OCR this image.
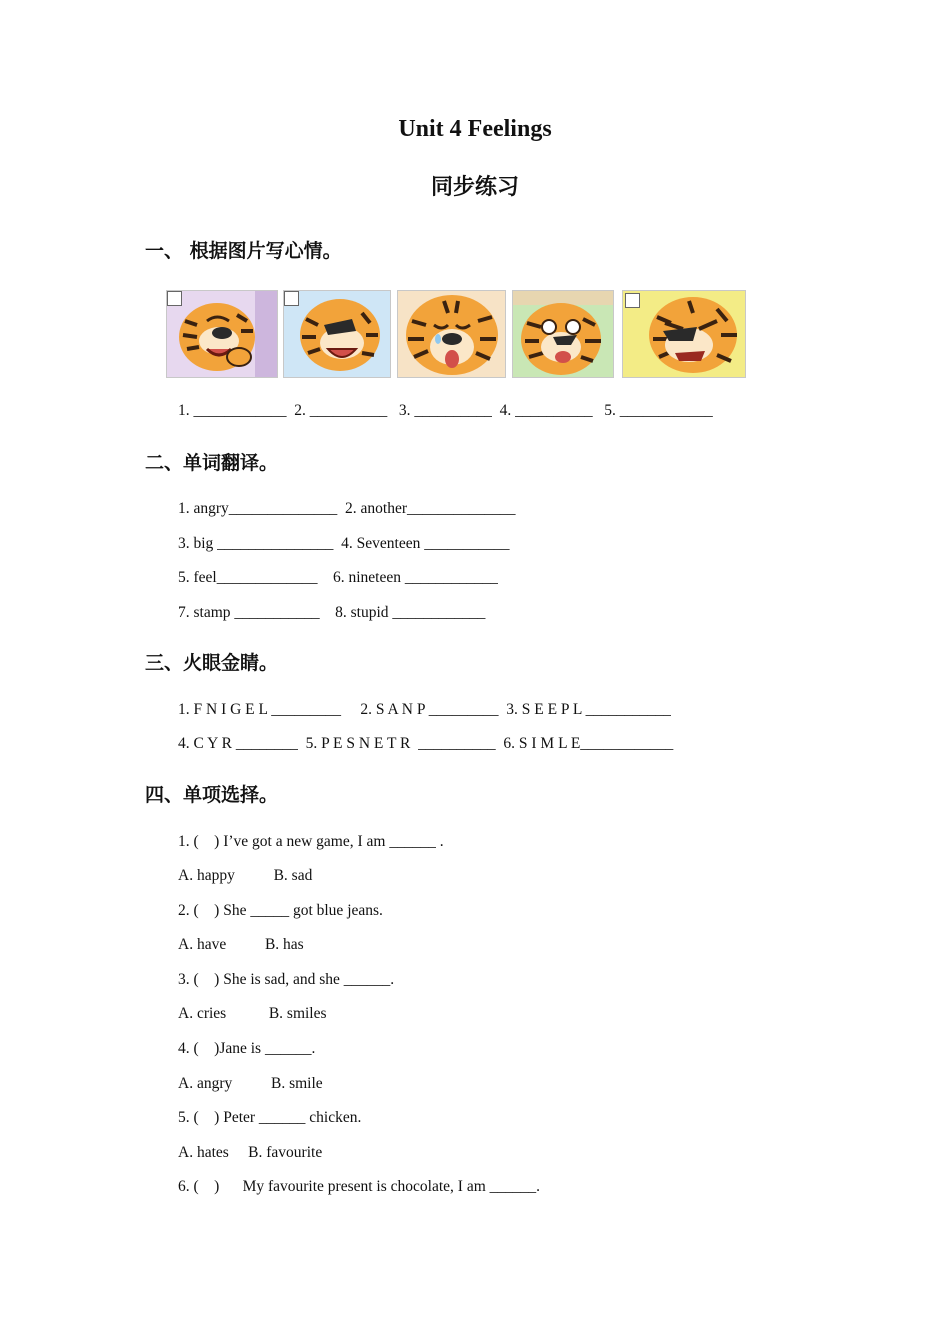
Unit 4 Feelings
同步练习
一、 根据图片写心情。
1. ____________  2. __________   3. __________  4. __________   5. ____________
二、单词翻译。
1. angry______________  2. another______________
3. big _______________  4. Seventeen ___________
5. feel_____________    6. nineteen ____________
7. stamp ___________    8. stupid ____________
三、火眼金睛。
1. F N I G E L _________     2. S A N P _________  3. S E E P L ___________
4. C Y R ________  5. P E S N E T R  __________  6. S I M L E____________
四、单项选择。
1. (    ) I’ve got a new game, I am ______ .
A. happy          B. sad
2. (    ) She _____ got blue jeans.
A. have          B. has
3. (    ) She is sad, and she ______.
A. cries           B. smiles
4. (    )Jane is ______.
A. angry          B. smile
5. (    ) Peter ______ chicken.
A. hates     B. favourite
6. (    )      My favourite present is chocolate, I am ______.
